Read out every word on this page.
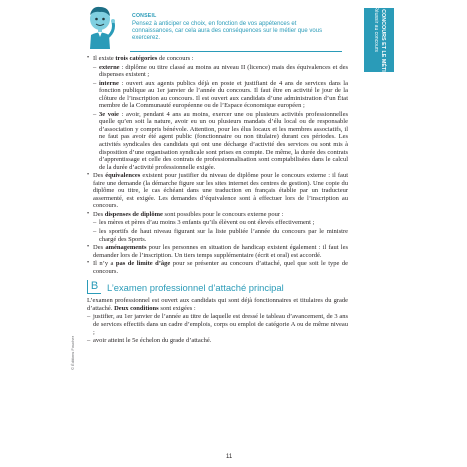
CONSEIL
Pensez à anticiper ce choix, en fonction de vos appétences et connaissances, car cela aura des conséquences sur le métier que vous exercerez.	LE CONCOURS ET LE MÉTIER
5. Réussir au concours

• Il existe trois catégories de concours :

– externe : diplôme ou titre classé au moins au niveau II (licence) mais des équivalences et des dispenses existent ;

– interne : ouvert aux agents publics déjà en poste et justifiant de 4 ans de services dans la fonction publique au 1er janvier de l’année du concours. Il faut être en activité le jour de la clôture de l’inscription au concours. Il est ouvert aux candidats d’une administration d’un État membre de la Communauté européenne ou de l’Espace économique européen ;

– 3e voie : avoir, pendant 4 ans au moins, exercer une ou plusieurs activités professionnelles quelle qu’en soit la nature, avoir eu un ou plusieurs mandats d’élu local ou de responsable d’association y compris bénévole. Attention, pour les élus locaux et les membres associatifs, il ne faut pas avoir été agent public (fonctionnaire ou non titulaire) durant ces périodes. Les activités syndicales des candidats qui ont une décharge d’activité des services ou sont mis à disposition d’une organisation syndicale sont prises en compte. De même, la durée des contrats d’apprentissage et celle des contrats de professionnalisation sont comptabilisées dans le calcul de la durée d’activité professionnelle exigée.

• Des équivalences existent pour justifier du niveau de diplôme pour le concours externe : il faut faire une demande (la démarche figure sur les sites internet des centres de gestion). Une copie du diplôme ou titre, le cas échéant dans une traduction en français établie par un traducteur assermenté, est exigée. Les demandes d’équivalence sont à effectuer lors de l’inscription au concours.

• Des dispenses de diplôme sont possibles pour le concours externe pour :

– les mères et pères d’au moins 3 enfants qu’ils élèvent ou ont élevés effectivement ;

– les sportifs de haut niveau figurant sur la liste publiée l’année du concours par le ministre chargé des Sports.

• Des aménagements pour les personnes en situation de handicap existent également : il faut les demander lors de l’inscription. Un tiers temps supplémentaire (écrit et oral) est accordé.

• Il n’y a pas de limite d’âge pour se présenter au concours d’attaché, quel que soit le type de concours.

B L’examen professionnel d’attaché principal

L’examen professionnel est ouvert aux candidats qui sont déjà fonctionnaires et titulaires du grade d’attaché. Deux conditions sont exigées :

– justifier, au 1er janvier de l’année au titre de laquelle est dressé le tableau d’avancement, de 3 ans de services effectifs dans un cadre d’emplois, corps ou emploi de catégorie A ou de même niveau ;

– avoir atteint le 5e échelon du grade d’attaché.

© Éditions Foucher
11
